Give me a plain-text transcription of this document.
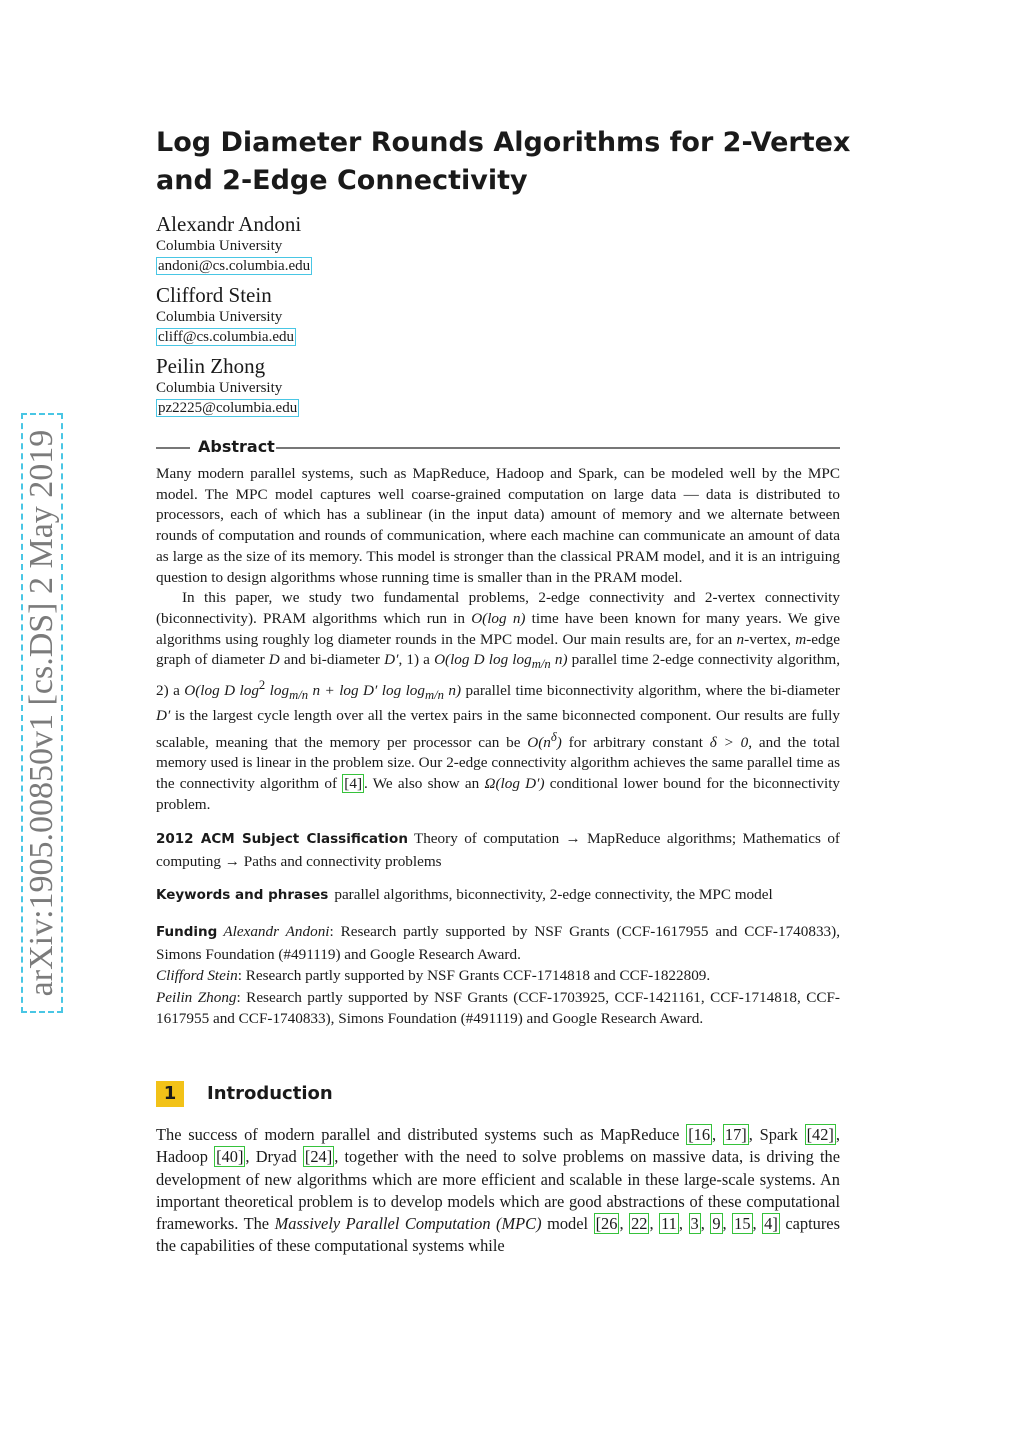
arXiv:1905.00850v1 [cs.DS] 2 May 2019
Log Diameter Rounds Algorithms for 2-Vertex and 2-Edge Connectivity

Alexandr Andoni

Columbia University

andoni@cs.columbia.edu

Clifford Stein

Columbia University

cliff@cs.columbia.edu

Peilin Zhong

Columbia University

pz2225@columbia.edu

Abstract

Many modern parallel systems, such as MapReduce, Hadoop and Spark, can be modeled well by the MPC model. The MPC model captures well coarse-grained computation on large data — data is distributed to processors, each of which has a sublinear (in the input data) amount of memory and we alternate between rounds of computation and rounds of communication, where each machine can communicate an amount of data as large as the size of its memory. This model is stronger than the classical PRAM model, and it is an intriguing question to design algorithms whose running time is smaller than in the PRAM model.

In this paper, we study two fundamental problems, 2-edge connectivity and 2-vertex connectivity (biconnectivity). PRAM algorithms which run in O(log n) time have been known for many years. We give algorithms using roughly log diameter rounds in the MPC model. Our main results are, for an n-vertex, m-edge graph of diameter D and bi-diameter D′, 1) a O(log D $\log \log_{m/n} n$) parallel time 2-edge connectivity algorithm, 2) a O(log D $\log^2 \log_{m/n} n + \log D'$ $\log \log_{m/n} n$) parallel time biconnectivity algorithm, where the bi-diameter D′ is the largest cycle length over all the vertex pairs in the same biconnected component. Our results are fully scalable, meaning that the memory per processor can be $O(n^\delta)$ for arbitrary constant δ > 0, and the total memory used is linear in the problem size. Our 2-edge connectivity algorithm achieves the same parallel time as the connectivity algorithm of [4] . We also show an Ω(log D′) conditional lower bound for the biconnectivity problem.

2012 ACM Subject Classification Theory of computation → MapReduce algorithms; Mathematics of computing → Paths and connectivity problems

Keywords and phrases parallel algorithms, biconnectivity, 2-edge connectivity, the MPC model

Funding Alexandr Andoni: Research partly supported by NSF Grants (CCF-1617955 and CCF-1740833), Simons Foundation (#491119) and Google Research Award.

Clifford Stein: Research partly supported by NSF Grants CCF-1714818 and CCF-1822809.

Peilin Zhong: Research partly supported by NSF Grants (CCF-1703925, CCF-1421161, CCF-1714818, CCF-1617955 and CCF-1740833), Simons Foundation (#491119) and Google Research Award.

1	Introduction

The success of modern parallel and distributed systems such as MapReduce [16 , 17] , Spark [42] , Hadoop [40] , Dryad [24] , together with the need to solve problems on massive data, is driving the development of new algorithms which are more efficient and scalable in these large-scale systems. An important theoretical problem is to develop models which are good abstractions of these computational frameworks. The Massively Parallel Computation (MPC) model [26 , 22 , 11 , 3 , 9 , 15 , 4] captures the capabilities of these computational systems while
